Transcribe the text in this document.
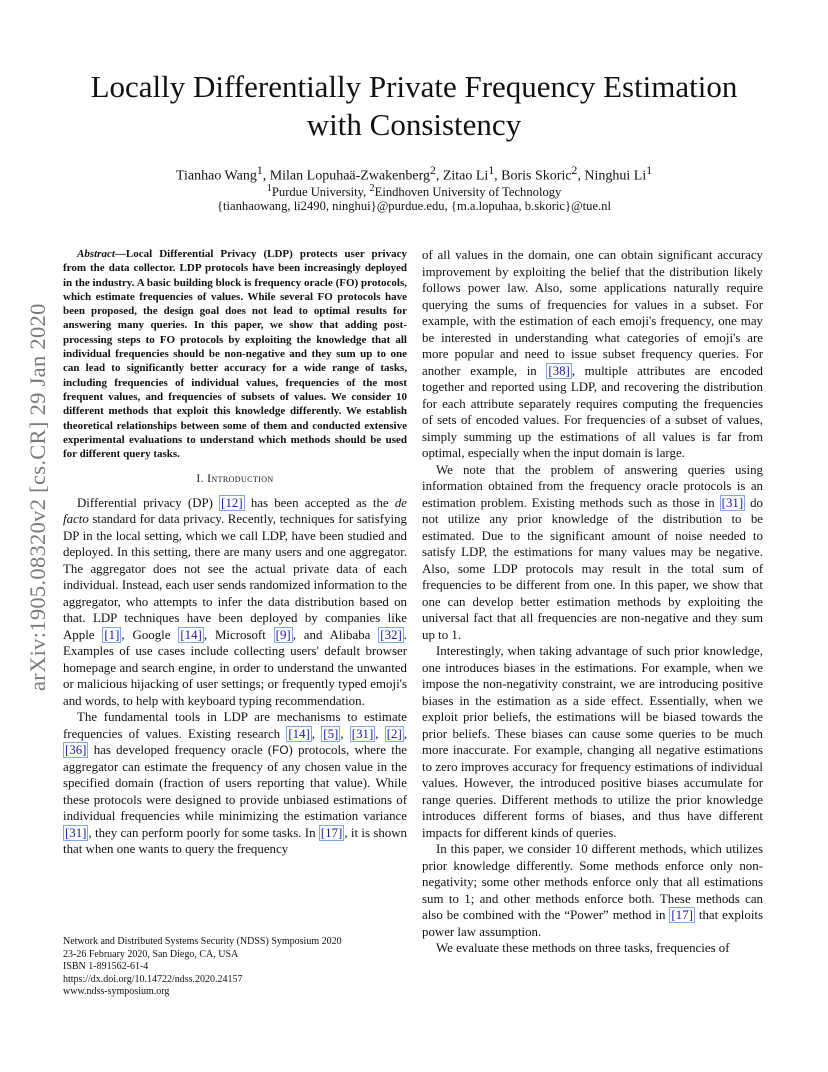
arXiv:1905.08320v2 [cs.CR] 29 Jan 2020
Locally Differentially Private Frequency Estimation
with Consistency
Tianhao Wang$^1$, Milan Lopuhaä-Zwakenberg$^2$, Zitao Li$^1$, Boris Skoric$^2$, Ninghui Li$^1$
$^1$Purdue University, $^2$Eindhoven University of Technology
{tianhaowang, li2490, ninghui}@purdue.edu, {m.a.lopuhaa, b.skoric}@tue.nl

Abstract—Local Differential Privacy (LDP) protects user privacy from the data collector. LDP protocols have been increasingly deployed in the industry. A basic building block is frequency oracle (FO) protocols, which estimate frequencies of values. While several FO protocols have been proposed, the design goal does not lead to optimal results for answering many queries. In this paper, we show that adding post-processing steps to FO protocols by exploiting the knowledge that all individual frequencies should be non-negative and they sum up to one can lead to significantly better accuracy for a wide range of tasks, including frequencies of individual values, frequencies of the most frequent values, and frequencies of subsets of values. We consider 10 different methods that exploit this knowledge differently. We establish theoretical relationships between some of them and conducted extensive experimental evaluations to understand which methods should be used for different query tasks.

I. Introduction

Differential privacy (DP) [12] has been accepted as the de facto standard for data privacy. Recently, techniques for satisfying DP in the local setting, which we call LDP, have been studied and deployed. In this setting, there are many users and one aggregator. The aggregator does not see the actual private data of each individual. Instead, each user sends randomized information to the aggregator, who attempts to infer the data distribution based on that. LDP techniques have been deployed by companies like Apple [1] , Google [14] , Microsoft [9] , and Alibaba [32] . Examples of use cases include collecting users' default browser homepage and search engine, in order to understand the unwanted or malicious hijacking of user settings; or frequently typed emoji's and words, to help with keyboard typing recommendation.

The fundamental tools in LDP are mechanisms to estimate frequencies of values. Existing research [14] , [5] , [31] , [2] , [36] has developed frequency oracle (FO) protocols, where the aggregator can estimate the frequency of any chosen value in the specified domain (fraction of users reporting that value). While these protocols were designed to provide unbiased estimations of individual frequencies while minimizing the estimation variance [31] , they can perform poorly for some tasks. In [17] , it is shown that when one wants to query the frequency

Network and Distributed Systems Security (NDSS) Symposium 2020
23-26 February 2020, San Diego, CA, USA
ISBN 1-891562-61-4
https://dx.doi.org/10.14722/ndss.2020.24157
www.ndss-symposium.org

of all values in the domain, one can obtain significant accuracy improvement by exploiting the belief that the distribution likely follows power law. Also, some applications naturally require querying the sums of frequencies for values in a subset. For example, with the estimation of each emoji's frequency, one may be interested in understanding what categories of emoji's are more popular and need to issue subset frequency queries. For another example, in [38] , multiple attributes are encoded together and reported using LDP, and recovering the distribution for each attribute separately requires computing the frequencies of sets of encoded values. For frequencies of a subset of values, simply summing up the estimations of all values is far from optimal, especially when the input domain is large.

We note that the problem of answering queries using information obtained from the frequency oracle protocols is an estimation problem. Existing methods such as those in [31] do not utilize any prior knowledge of the distribution to be estimated. Due to the significant amount of noise needed to satisfy LDP, the estimations for many values may be negative. Also, some LDP protocols may result in the total sum of frequencies to be different from one. In this paper, we show that one can develop better estimation methods by exploiting the universal fact that all frequencies are non-negative and they sum up to 1.

Interestingly, when taking advantage of such prior knowledge, one introduces biases in the estimations. For example, when we impose the non-negativity constraint, we are introducing positive biases in the estimation as a side effect. Essentially, when we exploit prior beliefs, the estimations will be biased towards the prior beliefs. These biases can cause some queries to be much more inaccurate. For example, changing all negative estimations to zero improves accuracy for frequency estimations of individual values. However, the introduced positive biases accumulate for range queries. Different methods to utilize the prior knowledge introduces different forms of biases, and thus have different impacts for different kinds of queries.

In this paper, we consider 10 different methods, which utilizes prior knowledge differently. Some methods enforce only non-negativity; some other methods enforce only that all estimations sum to 1; and other methods enforce both. These methods can also be combined with the “Power” method in [17] that exploits power law assumption.

We evaluate these methods on three tasks, frequencies of
